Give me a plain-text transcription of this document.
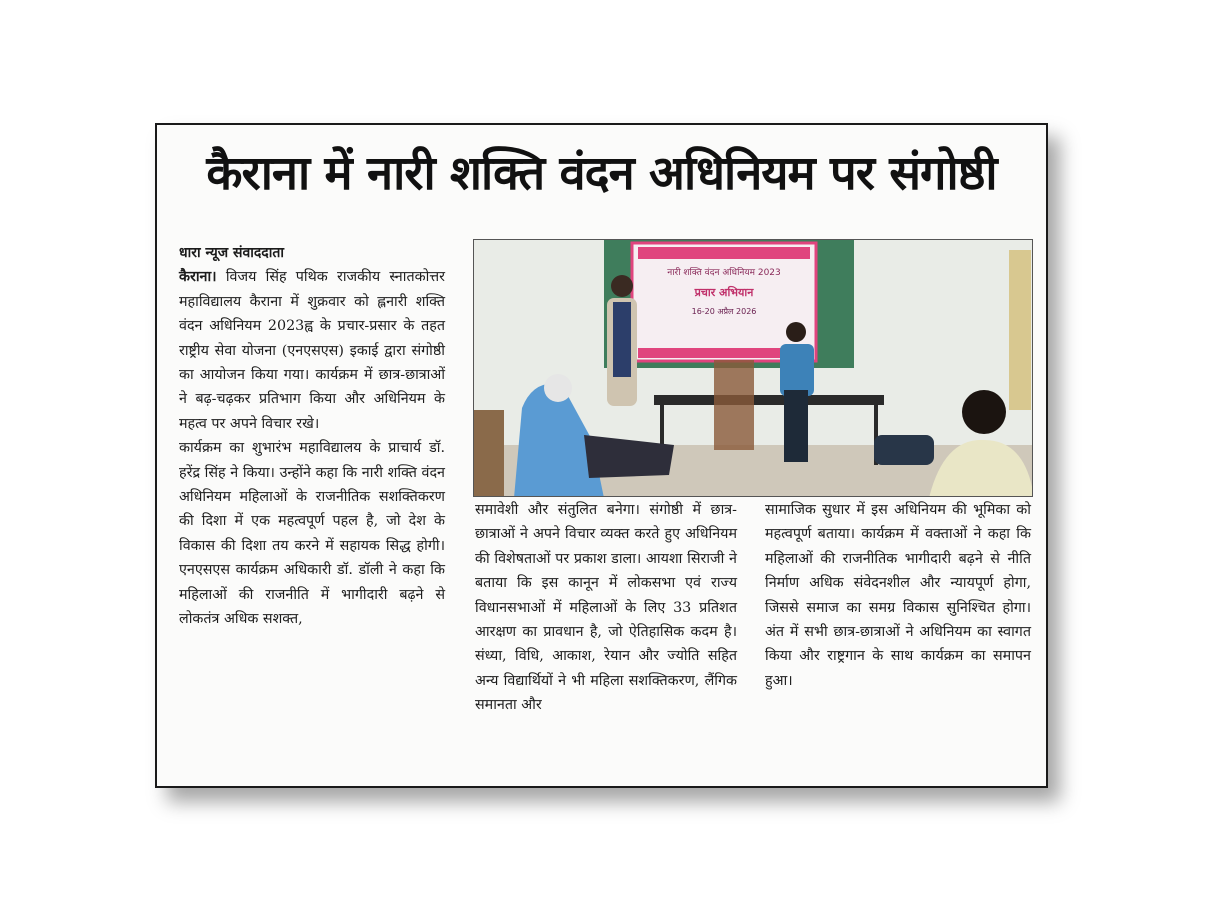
कैराना में नारी शक्ति वंदन अधिनियम पर संगोष्ठी

धारा न्यूज संवाददाता

कैराना। विजय सिंह पथिक राजकीय स्नातकोत्तर महाविद्यालय कैराना में शुक्रवार को ह्लनारी शक्ति वंदन अधिनियम 2023ह्व के प्रचार-प्रसार के तहत राष्ट्रीय सेवा योजना (एनएसएस) इकाई द्वारा संगोष्ठी का आयोजन किया गया। कार्यक्रम में छात्र-छात्राओं ने बढ़-चढ़कर प्रतिभाग किया और अधिनियम के महत्व पर अपने विचार रखे।

कार्यक्रम का शुभारंभ महाविद्यालय के प्राचार्य डॉ. हरेंद्र सिंह ने किया। उन्होंने कहा कि नारी शक्ति वंदन अधिनियम महिलाओं के राजनीतिक सशक्तिकरण की दिशा में एक महत्वपूर्ण पहल है, जो देश के विकास की दिशा तय करने में सहायक सिद्ध होगी। एनएसएस कार्यक्रम अधिकारी डॉ. डॉली ने कहा कि महिलाओं की राजनीति में भागीदारी बढ़ने से लोकतंत्र अधिक सशक्त,

नारी शक्ति वंदन अधिनियम 2023
प्रचार अभियान
16-20 अप्रैल 2026

समावेशी और संतुलित बनेगा। संगोष्ठी में छात्र-छात्राओं ने अपने विचार व्यक्त करते हुए अधिनियम की विशेषताओं पर प्रकाश डाला। आयशा सिराजी ने बताया कि इस कानून में लोकसभा एवं राज्य विधानसभाओं में महिलाओं के लिए 33 प्रतिशत आरक्षण का प्रावधान है, जो ऐतिहासिक कदम है। संध्या, विधि, आकाश, रेयान और ज्योति सहित अन्य विद्यार्थियों ने भी महिला सशक्तिकरण, लैंगिक समानता और

सामाजिक सुधार में इस अधिनियम की भूमिका को महत्वपूर्ण बताया। कार्यक्रम में वक्ताओं ने कहा कि महिलाओं की राजनीतिक भागीदारी बढ़ने से नीति निर्माण अधिक संवेदनशील और न्यायपूर्ण होगा, जिससे समाज का समग्र विकास सुनिश्चित होगा। अंत में सभी छात्र-छात्राओं ने अधिनियम का स्वागत किया और राष्ट्रगान के साथ कार्यक्रम का समापन हुआ।
